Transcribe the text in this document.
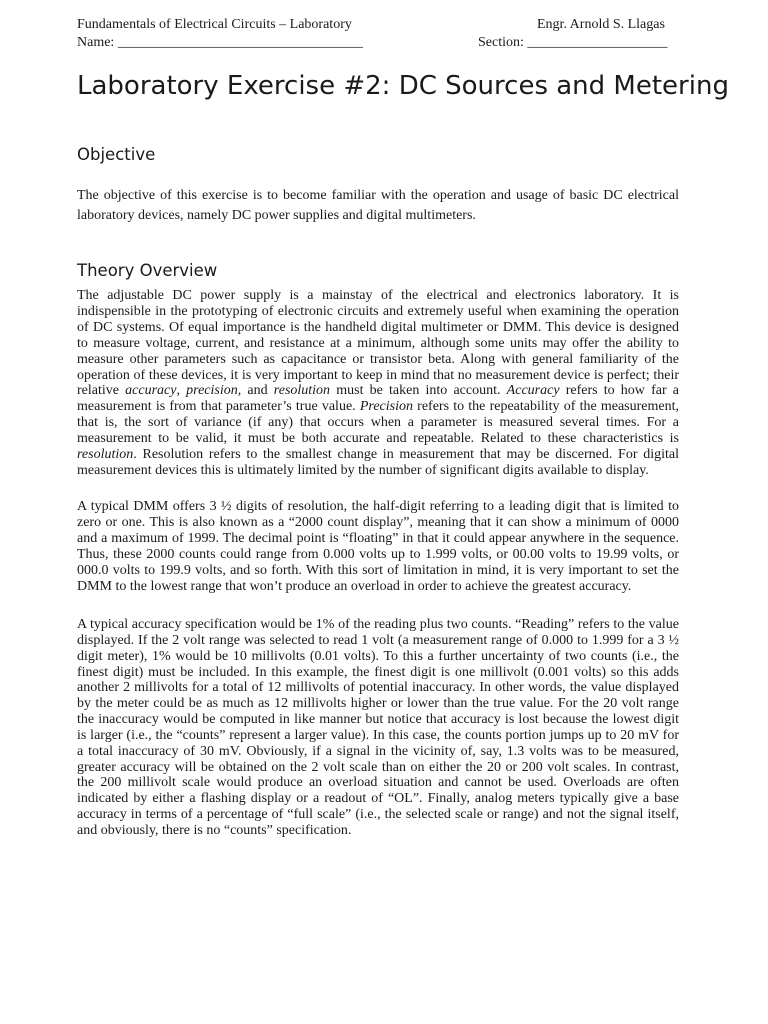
Fundamentals of Electrical Circuits – Laboratory	Engr. Arnold S. Llagas
Name: ___________________________________	Section: ____________________
Laboratory Exercise #2: DC Sources and Metering
Objective

The objective of this exercise is to become familiar with the operation and usage of basic DC electrical laboratory devices, namely DC power supplies and digital multimeters.

Theory Overview

The adjustable DC power supply is a mainstay of the electrical and electronics laboratory. It is indispensible in the prototyping of electronic circuits and extremely useful when examining the operation of DC systems. Of equal importance is the handheld digital multimeter or DMM. This device is designed to measure voltage, current, and resistance at a minimum, although some units may offer the ability to measure other parameters such as capacitance or transistor beta. Along with general familiarity of the operation of these devices, it is very important to keep in mind that no measurement device is perfect; their relative accuracy, precision, and resolution must be taken into account. Accuracy refers to how far a measurement is from that parameter’s true value. Precision refers to the repeatability of the measurement, that is, the sort of variance (if any) that occurs when a parameter is measured several times. For a measurement to be valid, it must be both accurate and repeatable. Related to these characteristics is resolution. Resolution refers to the smallest change in measurement that may be discerned. For digital measurement devices this is ultimately limited by the number of significant digits available to display.

A typical DMM offers 3 ½ digits of resolution, the half-digit referring to a leading digit that is limited to zero or one. This is also known as a “2000 count display”, meaning that it can show a minimum of 0000 and a maximum of 1999. The decimal point is “floating” in that it could appear anywhere in the sequence. Thus, these 2000 counts could range from 0.000 volts up to 1.999 volts, or 00.00 volts to 19.99 volts, or 000.0 volts to 199.9 volts, and so forth. With this sort of limitation in mind, it is very important to set the DMM to the lowest range that won’t produce an overload in order to achieve the greatest accuracy.

A typical accuracy specification would be 1% of the reading plus two counts. “Reading” refers to the value displayed. If the 2 volt range was selected to read 1 volt (a measurement range of 0.000 to 1.999 for a 3 ½ digit meter), 1% would be 10 millivolts (0.01 volts). To this a further uncertainty of two counts (i.e., the finest digit) must be included. In this example, the finest digit is one millivolt (0.001 volts) so this adds another 2 millivolts for a total of 12 millivolts of potential inaccuracy. In other words, the value displayed by the meter could be as much as 12 millivolts higher or lower than the true value. For the 20 volt range the inaccuracy would be computed in like manner but notice that accuracy is lost because the lowest digit is larger (i.e., the “counts” represent a larger value). In this case, the counts portion jumps up to 20 mV for a total inaccuracy of 30 mV. Obviously, if a signal in the vicinity of, say, 1.3 volts was to be measured, greater accuracy will be obtained on the 2 volt scale than on either the 20 or 200 volt scales. In contrast, the 200 millivolt scale would produce an overload situation and cannot be used. Overloads are often indicated by either a flashing display or a readout of “OL”. Finally, analog meters typically give a base accuracy in terms of a percentage of “full scale” (i.e., the selected scale or range) and not the signal itself, and obviously, there is no “counts” specification.
